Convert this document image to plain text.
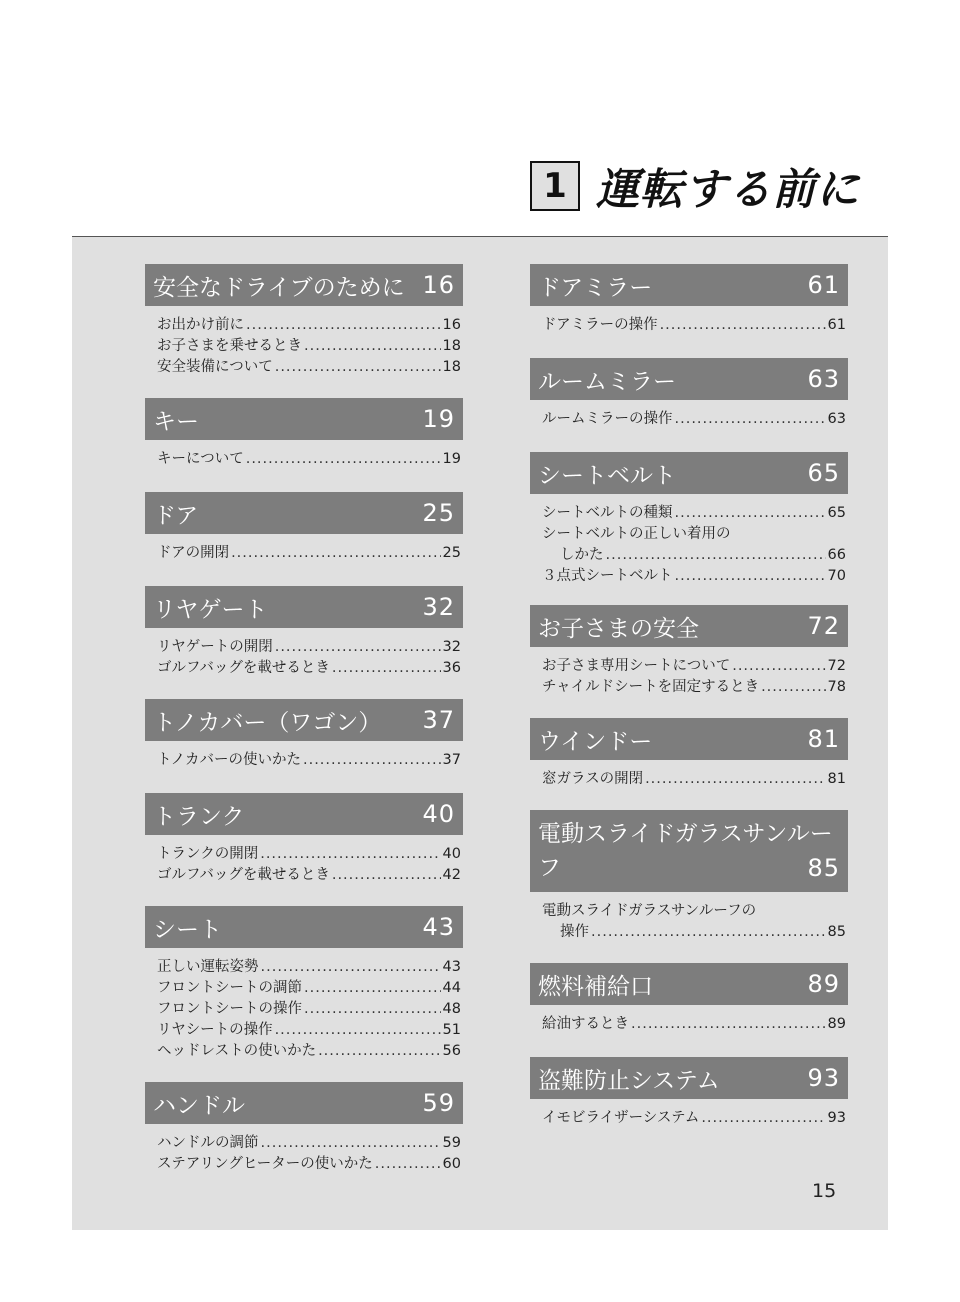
1 運転する前に
安全なドライブのために 16
お出かけ前に .....	16
お子さまを乗せるとき .....	18
安全装備について .....	18
キー	19
キーについて .....	19
ドア	25
ドアの開閉 .....	25
リヤゲート	32
リヤゲートの開閉 .....	32
ゴルフバッグを載せるとき .....	36
トノカバー（ワゴン） 37
トノカバーの使いかた .....	37
トランク	40
トランクの開閉 .....	40
ゴルフバッグを載せるとき .....	42
シート	43
正しい運転姿勢 .....	43
フロントシートの調節 .....	44
フロントシートの操作 .....	48
リヤシートの操作 .....	51
ヘッドレストの使いかた .....	56
ハンドル	59
ハンドルの調節 .....	59
ステアリングヒーターの使いかた .....	60
ドアミラー	61
ドアミラーの操作 .....	61
ルームミラー	63
ルームミラーの操作 .....	63
シートベルト	65
シートベルトの種類 .....	65
シートベルトの正しい着用の
しかた .....	66
３点式シートベルト .....	70
お子さまの安全	72
お子さま専用シートについて .....	72
チャイルドシートを固定するとき .....	78
ウインドー	81
窓ガラスの開閉 .....	81
電動スライドガラスサンルー
フ	85
電動スライドガラスサンルーフの
操作 .....	85
燃料補給口	89
給油するとき .....	89
盗難防止システム	93
イモビライザーシステム .....	93
15
